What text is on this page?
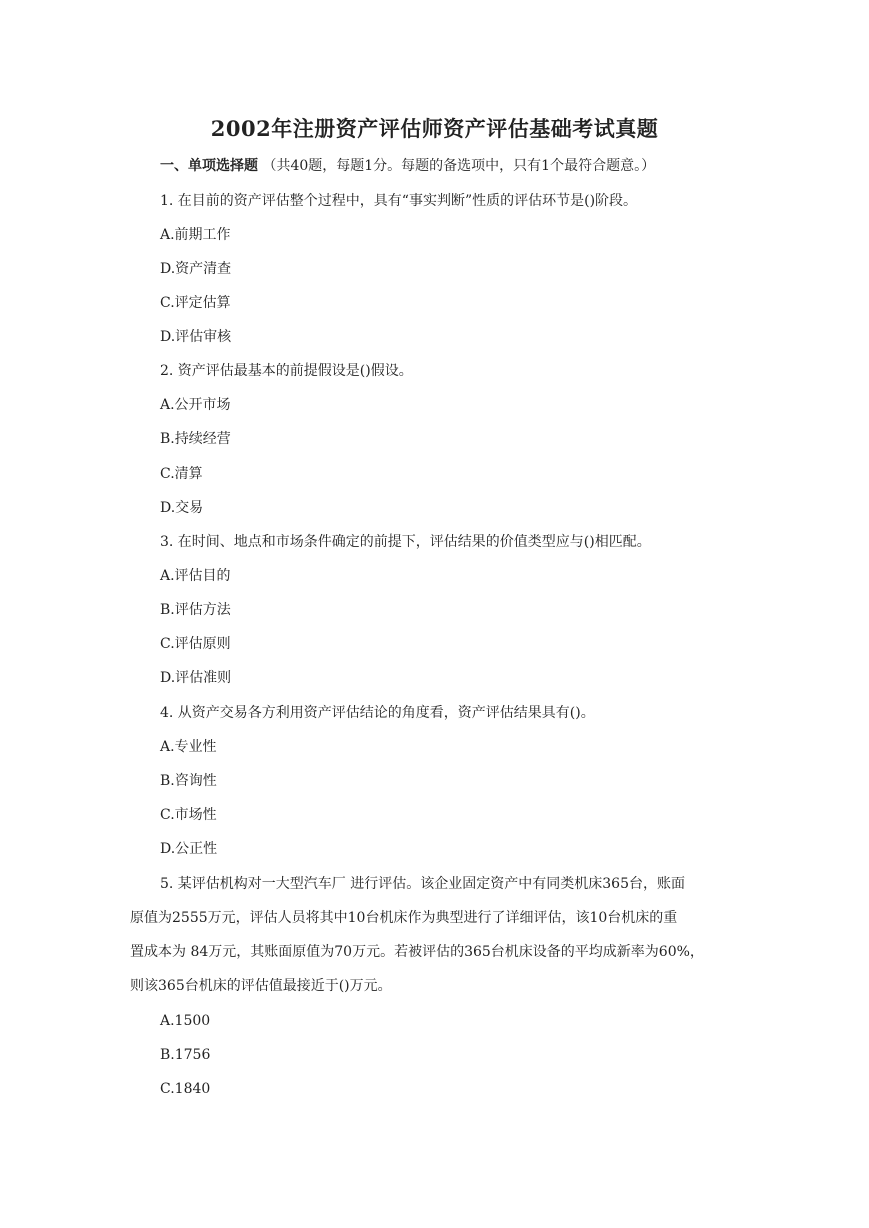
2002年注册资产评估师资产评估基础考试真题
一、单项选择题 （共40题，每题1分。每题的备选项中，只有1个最符合题意。）
1. 在目前的资产评估整个过程中，具有“事实判断”性质的评估环节是()阶段。
A.前期工作
D.资产清查
C.评定估算
D.评估审核
2. 资产评估最基本的前提假设是()假设。
A.公开市场
B.持续经营
C.清算
D.交易
3. 在时间、地点和市场条件确定的前提下，评估结果的价值类型应与()相匹配。
A.评估目的
B.评估方法
C.评估原则
D.评估准则
4. 从资产交易各方利用资产评估结论的角度看，资产评估结果具有()。
A.专业性
B.咨询性
C.市场性
D.公正性
5. 某评估机构对一大型汽车厂 进行评估。该企业固定资产中有同类机床365台，账面
原值为2555万元，评估人员将其中10台机床作为典型进行了详细评估，该10台机床的重
置成本为 84万元，其账面原值为70万元。若被评估的365台机床设备的平均成新率为60%，
则该365台机床的评估值最接近于()万元。
A.1500
B.1756
C.1840
